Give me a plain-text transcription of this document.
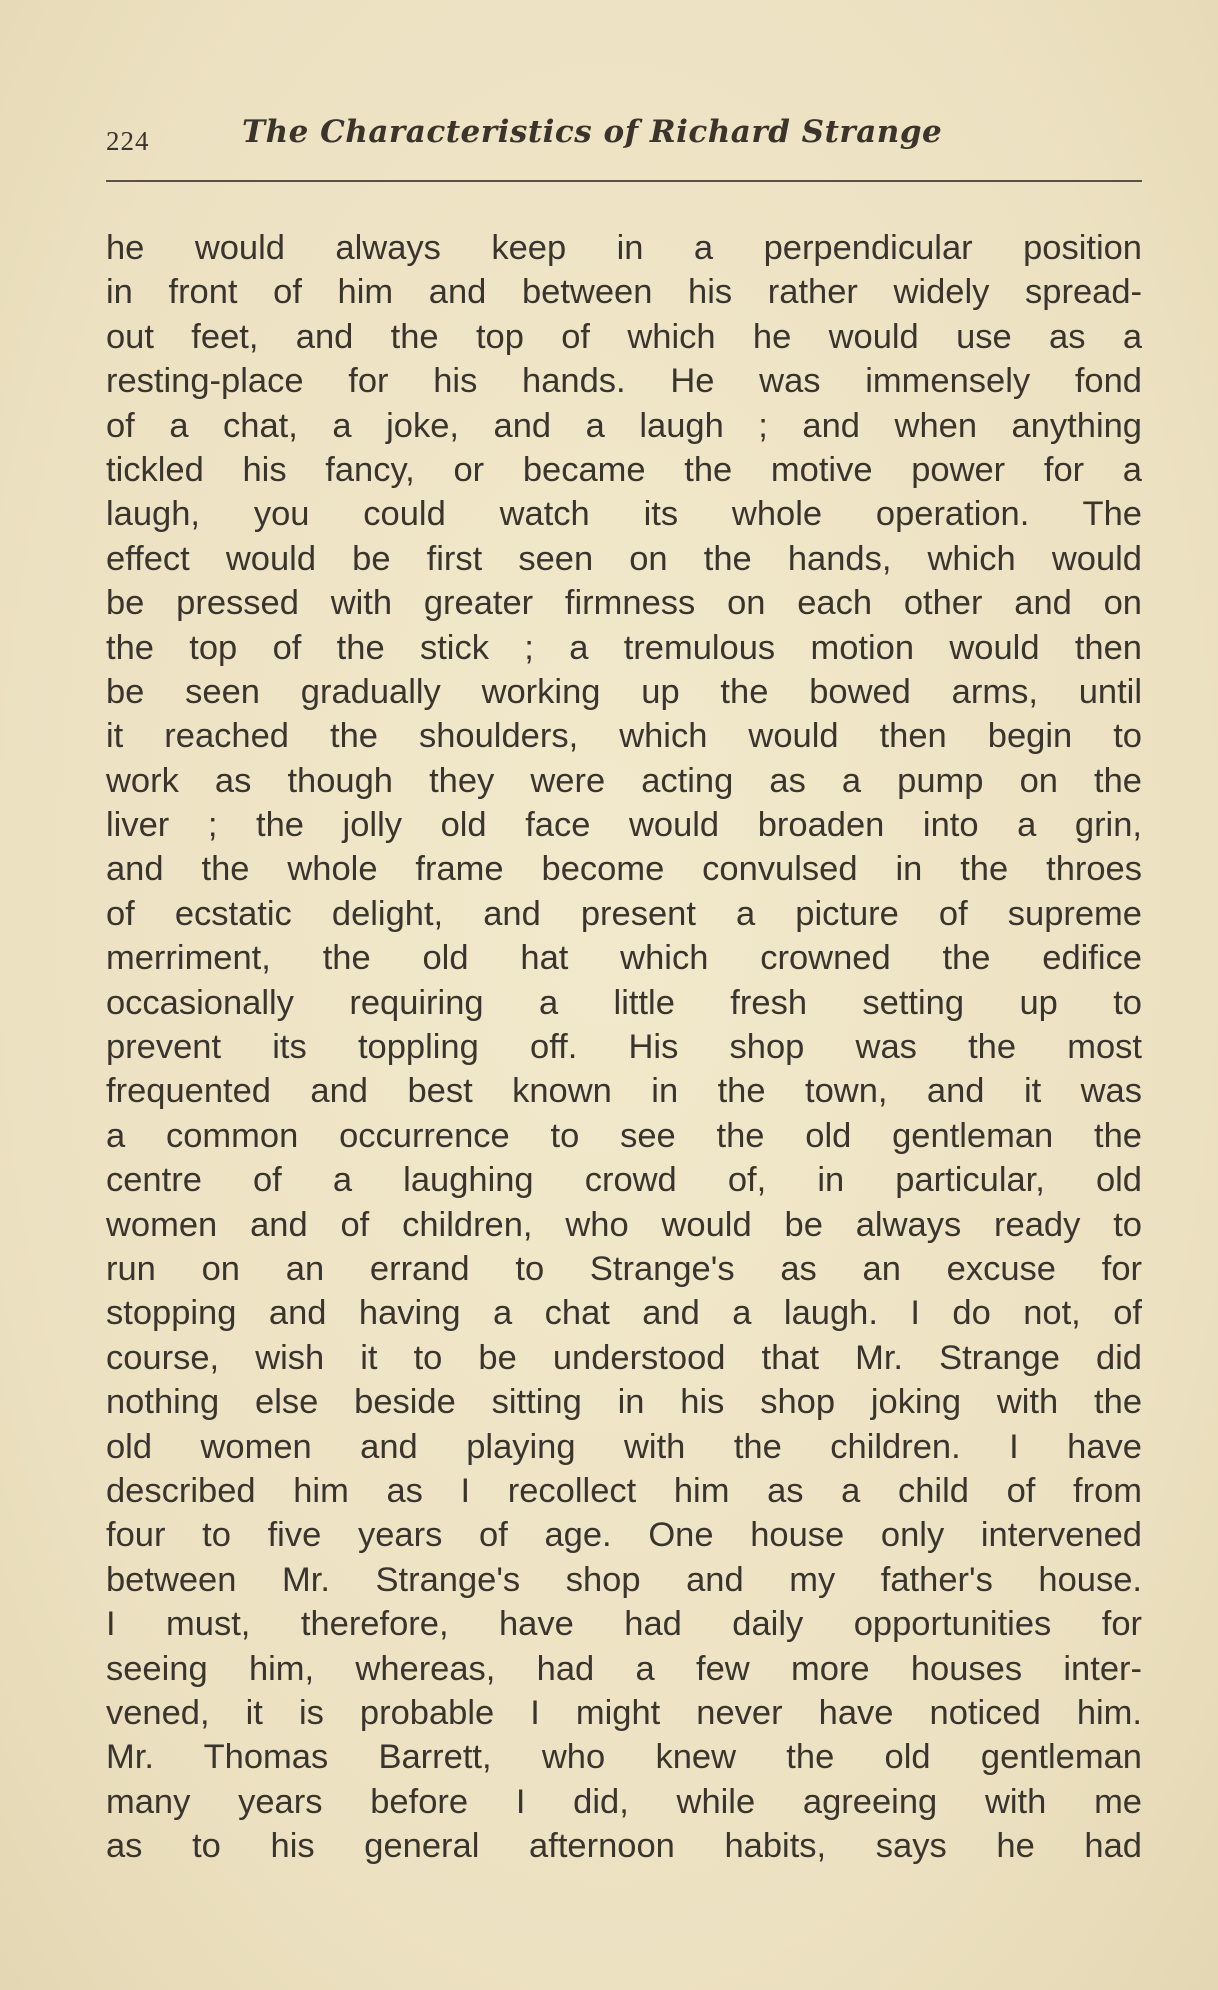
224	The Characteristics of Richard Strange
he would always keep in a perpendicular position
in front of him and between his rather widely spread-
out feet, and the top of which he would use as a
resting-place for his hands. He was immensely fond
of a chat, a joke, and a laugh ; and when anything
tickled his fancy, or became the motive power for a
laugh, you could watch its whole operation. The
effect would be first seen on the hands, which would
be pressed with greater firmness on each other and on
the top of the stick ; a tremulous motion would then
be seen gradually working up the bowed arms, until
it reached the shoulders, which would then begin to
work as though they were acting as a pump on the
liver ; the jolly old face would broaden into a grin,
and the whole frame become convulsed in the throes
of ecstatic delight, and present a picture of supreme
merriment, the old hat which crowned the edifice
occasionally requiring a little fresh setting up to
prevent its toppling off. His shop was the most
frequented and best known in the town, and it was
a common occurrence to see the old gentleman the
centre of a laughing crowd of, in particular, old
women and of children, who would be always ready to
run on an errand to Strange's as an excuse for
stopping and having a chat and a laugh. I do not, of
course, wish it to be understood that Mr. Strange did
nothing else beside sitting in his shop joking with the
old women and playing with the children. I have
described him as I recollect him as a child of from
four to five years of age. One house only intervened
between Mr. Strange's shop and my father's house.
I must, therefore, have had daily opportunities for
seeing him, whereas, had a few more houses inter-
vened, it is probable I might never have noticed him.
Mr. Thomas Barrett, who knew the old gentleman
many years before I did, while agreeing with me
as to his general afternoon habits, says he had
